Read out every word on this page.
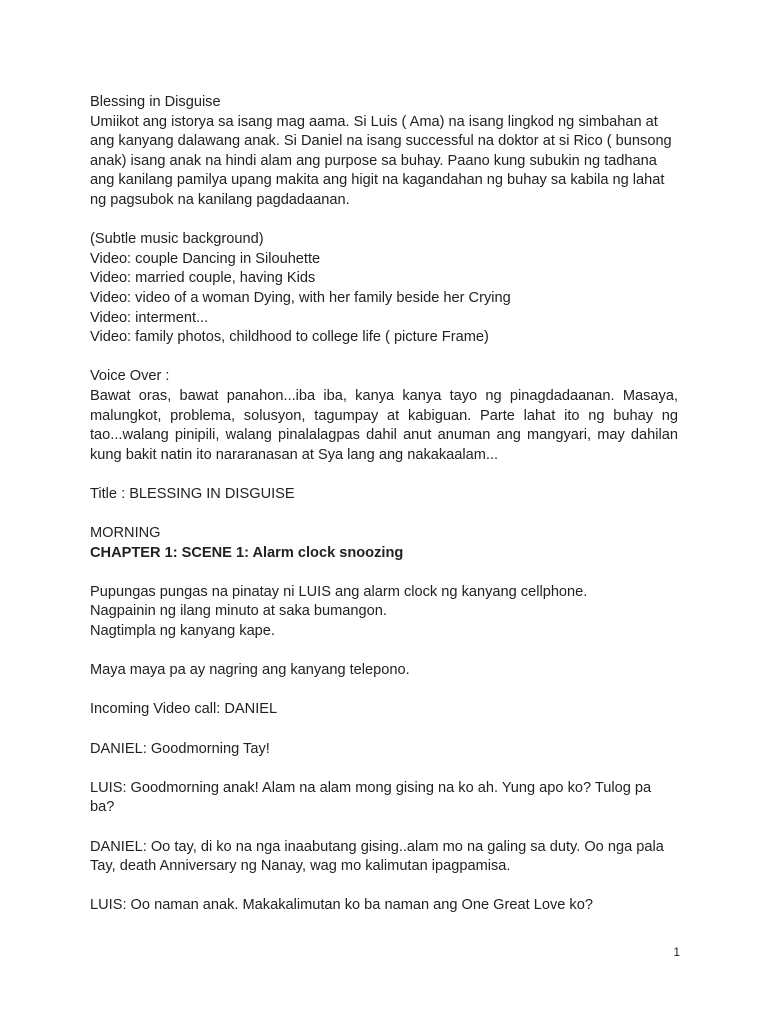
Blessing in Disguise

Umiikot ang istorya sa isang mag aama. Si Luis ( Ama) na isang lingkod ng simbahan at ang kanyang dalawang anak. Si Daniel na isang successful na doktor at si Rico ( bunsong anak) isang anak na hindi alam ang purpose sa buhay. Paano kung subukin ng tadhana ang kanilang pamilya upang makita ang higit na kagandahan ng buhay sa kabila ng lahat ng pagsubok na kanilang pagdadaanan.

(Subtle music background)

Video: couple Dancing in Silouhette

Video: married couple, having Kids

Video: video of a woman Dying, with her family beside her Crying

Video: interment...

Video: family photos, childhood to college life ( picture Frame)

Voice Over :

Bawat oras, bawat panahon...iba iba, kanya kanya tayo ng pinagdadaanan. Masaya, malungkot, problema, solusyon, tagumpay at kabiguan. Parte lahat ito ng buhay ng tao...walang pinipili, walang pinalalagpas dahil anut anuman ang mangyari, may dahilan kung bakit natin ito nararanasan at Sya lang ang nakakaalam...

Title : BLESSING IN DISGUISE

MORNING

CHAPTER 1: SCENE 1: Alarm clock snoozing

Pupungas pungas na pinatay ni LUIS ang alarm clock ng kanyang cellphone.

Nagpainin ng ilang minuto at saka bumangon.

Nagtimpla ng kanyang kape.

Maya maya pa ay nagring ang kanyang telepono.

Incoming Video call: DANIEL

DANIEL: Goodmorning Tay!

LUIS: Goodmorning anak! Alam na alam mong gising na ko ah. Yung apo ko? Tulog pa ba?

DANIEL: Oo tay, di ko na nga inaabutang gising..alam mo na galing sa duty. Oo nga pala Tay, death Anniversary ng Nanay, wag mo kalimutan ipagpamisa.

LUIS: Oo naman anak. Makakalimutan ko ba naman ang One Great Love ko?

1
